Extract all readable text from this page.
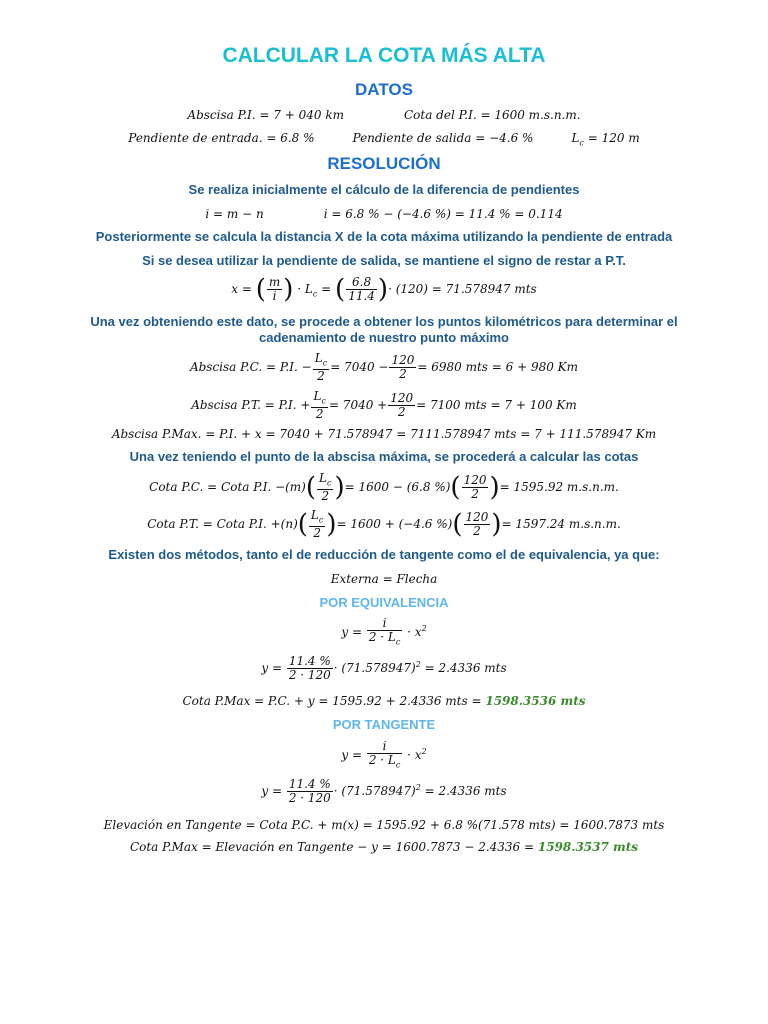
CALCULAR LA COTA MÁS ALTA
DATOS
Abscisa P.I. = 7 + 040 km	Cota del P.I. = 1600 m.s.n.m.
Pendiente de entrada. = 6.8 %	Pendiente de salida = −4.6 %	$L_c = 120$ m
RESOLUCIÓN
Se realiza inicialmente el cálculo de la diferencia de pendientes
i = m − n	i = 6.8 % − (−4.6 %) = 11.4 % = 0.114
Posteriormente se calcula la distancia X de la cota máxima utilizando la pendiente de entrada
Si se desea utilizar la pendiente de salida, se mantiene el signo de restar a P.T.
x = ( $\frac{m}{i}$ ) · $L_c$ = ( $\frac{6.8}{11.4}$ )· (120) = 71.578947 mts
Una vez obteniendo este dato, se procede a obtener los puntos kilométricos para determinar el cadenamiento de nuestro punto máximo
Abscisa P.C. = P.I. − $\frac{L_c}{2} = 7040 - \frac{120}{2} = 6980$ mts = 6 + 980 Km
Abscisa P.T. = P.I. + $\frac{L_c}{2} = 7040 + \frac{120}{2} = 7100$ mts = 7 + 100 Km
Abscisa P.Max. = P.I. + x = 7040 + 71.578947 = 7111.578947 mts = 7 + 111.578947 Km
Una vez teniendo el punto de la abscisa máxima, se procederá a calcular las cotas
Cota P.C. = Cota P.I. $-(m)( \frac{L_c}{2}$ )= 1600 − (6.8 %)( $\frac{120}{2}$ )= 1595.92 m.s.n.m.
Cota P.T. = Cota P.I. $+(n)( \frac{L_c}{2}$ )= 1600 + (−4.6 %)( $\frac{120}{2}$ )= 1597.24 m.s.n.m.
Existen dos métodos, tanto el de reducción de tangente como el de equivalencia, ya que:
Externa = Flecha
POR EQUIVALENCIA
$y = \frac{i}{2 \cdot L_c} \cdot x^2$
$y = \frac{11.4 \%}{2 \cdot 120} \cdot (71.578947)^2 = 2.4336$ mts
Cota P.Max = P.C. + y = 1595.92 + 2.4336 mts = 1598.3536 mts
POR TANGENTE
$y = \frac{i}{2 \cdot L_c} \cdot x^2$
$y = \frac{11.4 \%}{2 \cdot 120} \cdot (71.578947)^2 = 2.4336$ mts
Elevación en Tangente = Cota P.C. + m(x) = 1595.92 + 6.8 %(71.578 mts) = 1600.7873 mts
Cota P.Max = Elevación en Tangente − y = 1600.7873 − 2.4336 = 1598.3537 mts
